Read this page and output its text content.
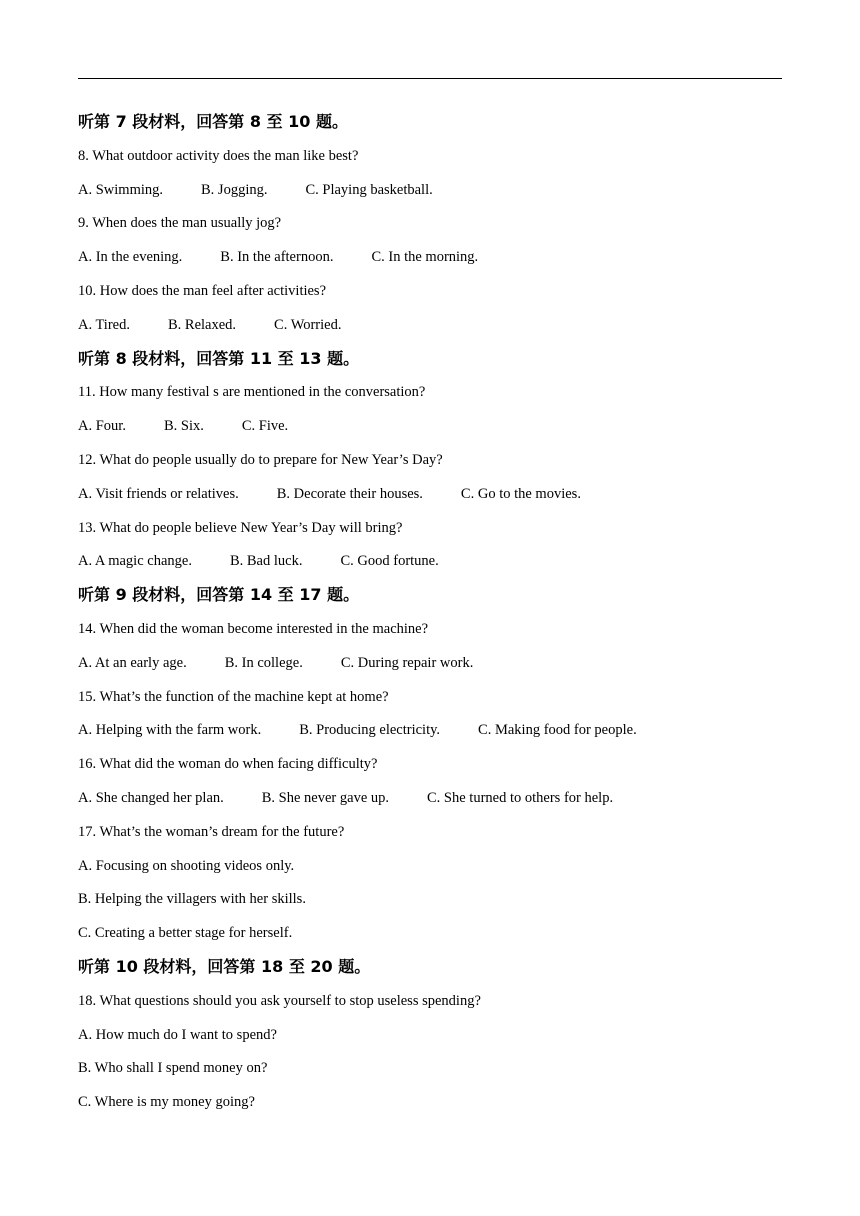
听第 7 段材料，回答第 8 至 10 题。
8. What outdoor activity does the man like best?
A. Swimming.	B. Jogging.	C. Playing basketball.
9. When does the man usually jog?
A. In the evening.	B. In the afternoon.	C. In the morning.
10. How does the man feel after activities?
A. Tired.	B. Relaxed.	C. Worried.
听第 8 段材料，回答第 11 至 13 题。
11. How many festival s are mentioned in the conversation?
A. Four.	B. Six.	C. Five.
12. What do people usually do to prepare for New Year’s Day?
A. Visit friends or relatives.	B. Decorate their houses.	C. Go to the movies.
13. What do people believe New Year’s Day will bring?
A. A magic change.	B. Bad luck.	C. Good fortune.
听第 9 段材料，回答第 14 至 17 题。
14. When did the woman become interested in the machine?
A. At an early age.	B. In college.	C. During repair work.
15. What’s the function of the machine kept at home?
A. Helping with the farm work.	B. Producing electricity.	C. Making food for people.
16. What did the woman do when facing difficulty?
A. She changed her plan.	B. She never gave up.	C. She turned to others for help.
17. What’s the woman’s dream for the future?
A. Focusing on shooting videos only.
B. Helping the villagers with her skills.
C. Creating a better stage for herself.
听第 10 段材料，回答第 18 至 20 题。
18. What questions should you ask yourself to stop useless spending?
A. How much do I want to spend?
B. Who shall I spend money on?
C. Where is my money going?
